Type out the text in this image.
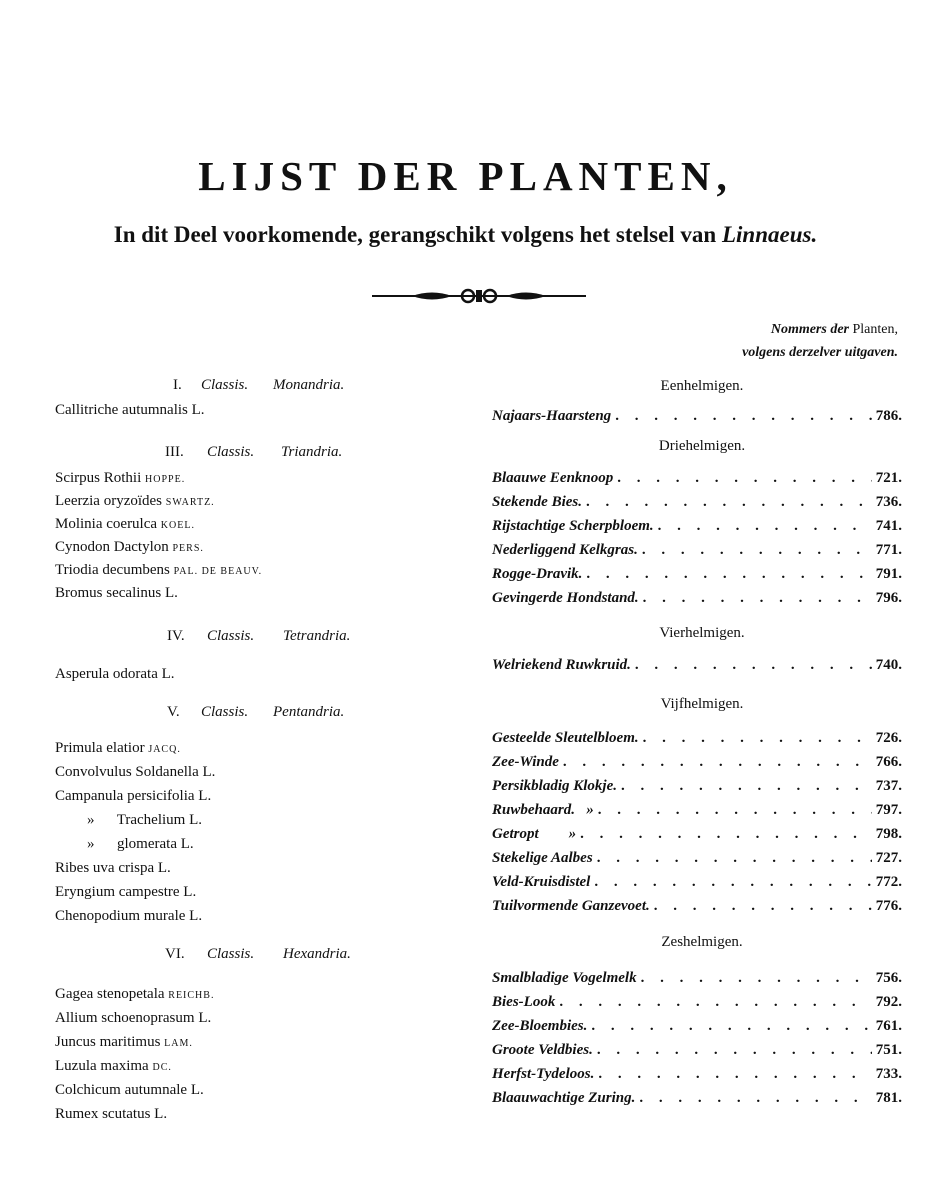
LIJST DER PLANTEN,
In dit Deel voorkomende, gerangschikt volgens het stelsel van Linnaeus.
I. Classis. Monandria.
Callitriche autumnalis L.
III. Classis. Triandria.
Scirpus Rothii HOPPE.
Leerzia oryzoïdes SWARTZ.
Molinia coerulca KOEL.
Cynodon Dactylon PERS.
Triodia decumbens PAL. DE BEAUV.
Bromus secalinus L.
IV. Classis. Tetrandria.
Asperula odorata L.
V. Classis. Pentandria.
Primula elatior JACQ.
Convolvulus Soldanella L.
Campanula persicifolia L.
»      Trachelium L.
»      glomerata L.
Ribes uva crispa L.
Eryngium campestre L.
Chenopodium murale L.
VI. Classis. Hexandria.
Gagea stenopetala REICHB.
Allium schoenoprasum L.
Juncus maritimus LAM.
Luzula maxima DC.
Colchicum autumnale L.
Rumex scutatus L.
Nommers der Planten,
volgens derzelver uitgaven.
Eenhelmigen.
Najaars-Haarsteng . . .	786.
Driehelmigen.
Blaauwe Eenknoop . . .	721.
Stekende Bies. . . .	736.
Rijstachtige Scherpbloem. . . .	741.
Nederliggend Kelkgras. . . .	771.
Rogge-Dravik. . . .	791.
Gevingerde Hondstand. . . .	796.
Vierhelmigen.
Welriekend Ruwkruid. . . .	740.
Vijfhelmigen.
Gesteelde Sleutelbloem. . . .	726.
Zee-Winde . . .	766.
Persikbladig Klokje. . . .	737.
Ruwbehaard.   » . . .	797.
Getropt        » . . .	798.
Stekelige Aalbes . . .	727.
Veld-Kruisdistel . . .	772.
Tuilvormende Ganzevoet. . . .	776.
Zeshelmigen.
Smalbladige Vogelmelk . . .	756.
Bies-Look . . .	792.
Zee-Bloembies. . . .	761.
Groote Veldbies. . . .	751.
Herfst-Tydeloos. . . .	733.
Blaauwachtige Zuring. . . .	781.
